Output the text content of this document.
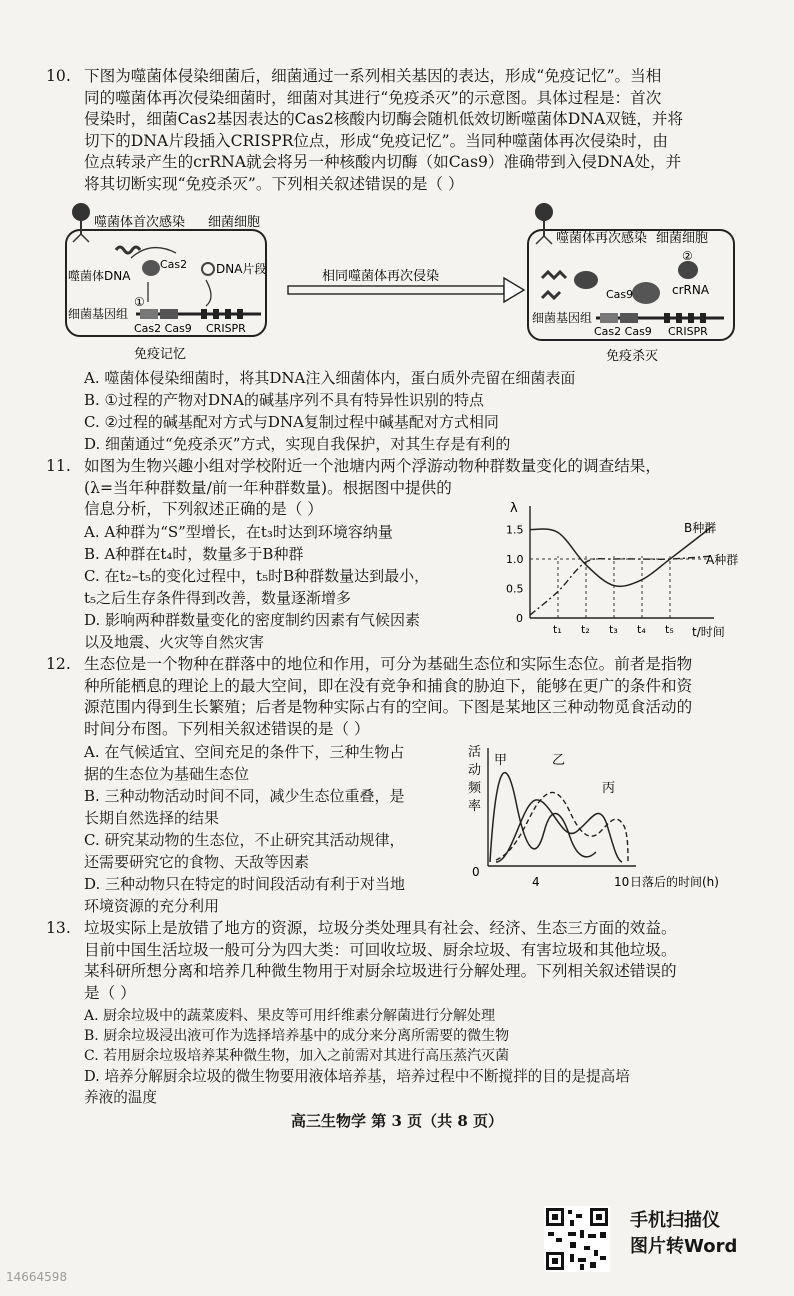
10. 下图为噬菌体侵染细菌后，细菌通过一系列相关基因的表达，形成“免疫记忆”。当相
同的噬菌体再次侵染细菌时，细菌对其进行“免疫杀灭”的示意图。具体过程是：首次
侵染时，细菌Cas2基因表达的Cas2核酸内切酶会随机低效切断噬菌体DNA双链，并将
切下的DNA片段插入CRISPR位点，形成“免疫记忆”。当同种噬菌体再次侵染时，由
位点转录产生的crRNA就会将另一种核酸内切酶（如Cas9）准确带到入侵DNA处，并
将其切断实现“免疫杀灭”。下列相关叙述错误的是（ ）
噬菌体首次感染 细菌细胞
噬菌体DNA
Cas2 DNA片段
①
细菌基因组
Cas2 Cas9 CRISPR
免疫记忆
相同噬菌体再次侵染
噬菌体再次感染 细菌细胞
②
Cas9	crRNA
细菌基因组
Cas2 Cas9 CRISPR
免疫杀灭
A. 噬菌体侵染细菌时，将其DNA注入细菌体内，蛋白质外壳留在细菌表面
B. ①过程的产物对DNA的碱基序列不具有特异性识别的特点
C. ②过程的碱基配对方式与DNA复制过程中碱基配对方式相同
D. 细菌通过“免疫杀灭”方式，实现自我保护，对其生存是有利的
11. 如图为生物兴趣小组对学校附近一个池塘内两个浮游动物种群数量变化的调查结果，
(λ=当年种群数量/前一年种群数量)。根据图中提供的
信息分析，下列叙述正确的是（ ）
A. A种群为“S”型增长，在t₃时达到环境容纳量
B. A种群在t₄时，数量多于B种群
C. 在t₂–t₅的变化过程中，t₅时B种群数量达到最小，
t₅之后生存条件得到改善，数量逐渐增多
D. 影响两种群数量变化的密度制约因素有气候因素
以及地震、火灾等自然灾害
λ
t/时间
0
0.5
1.0
1.5
t₁ t₂ t₃ t₄ t₅
B种群
A种群
12. 生态位是一个物种在群落中的地位和作用，可分为基础生态位和实际生态位。前者是指物
种所能栖息的理论上的最大空间，即在没有竞争和捕食的胁迫下，能够在更广的条件和资
源范围内得到生长繁殖；后者是物种实际占有的空间。下图是某地区三种动物觅食活动的
时间分布图。下列相关叙述错误的是（ ）
A. 在气候适宜、空间充足的条件下，三种生物占
据的生态位为基础生态位
B. 三种动物活动时间不同，减少生态位重叠，是
长期自然选择的结果
C. 研究某动物的生态位，不止研究其活动规律，
还需要研究它的食物、天敌等因素
D. 三种动物只在特定的时间段活动有利于对当地
环境资源的充分利用
活
动
频
率
0
4	10 日落后的时间(h)
甲	乙
丙
13. 垃圾实际上是放错了地方的资源，垃圾分类处理具有社会、经济、生态三方面的效益。
目前中国生活垃圾一般可分为四大类：可回收垃圾、厨余垃圾、有害垃圾和其他垃圾。
某科研所想分离和培养几种微生物用于对厨余垃圾进行分解处理。下列相关叙述错误的
是（ ）
A. 厨余垃圾中的蔬菜废料、果皮等可用纤维素分解菌进行分解处理
B. 厨余垃圾浸出液可作为选择培养基中的成分来分离所需要的微生物
C. 若用厨余垃圾培养某种微生物，加入之前需对其进行高压蒸汽灭菌
D. 培养分解厨余垃圾的微生物要用液体培养基，培养过程中不断搅拌的目的是提高培
养液的温度
高三生物学 第 3 页（共 8 页）
手机扫描仪
图片转Word
14664598
